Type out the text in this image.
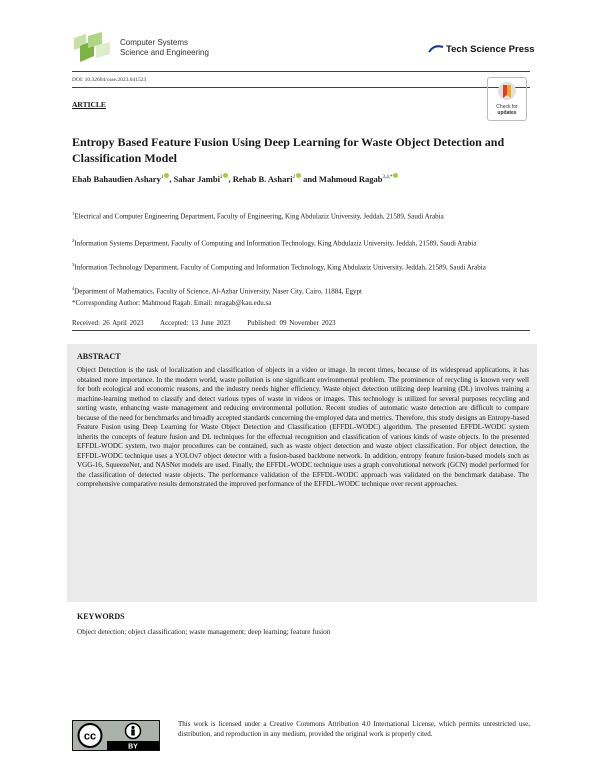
Computer Systems
Science and Engineering	Tech Science Press
DOI: 10.32604/csse.2023.041523
ARTICLE	Check for
updates
Entropy Based Feature Fusion Using Deep Learning for Waste Object Detection and Classification Model
Ehab Bahaudien Ashary$^1$ , Sahar Jambi$^2$ , Rehab B. Ashari$^2$ and Mahmoud Ragab$^{3,4,*}$
$^1$Electrical and Computer Engineering Department, Faculty of Engineering, King Abdulaziz University, Jeddah, 21589, Saudi Arabia
$^2$Information Systems Department, Faculty of Computing and Information Technology, King Abdulaziz University, Jeddah, 21589, Saudi Arabia
$^3$Information Technology Department, Faculty of Computing and Information Technology, King Abdulaziz University, Jeddah, 21589, Saudi Arabia
$^4$Department of Mathematics, Faculty of Science, Al-Azhar University, Naser City, Cairo, 11884, Egypt
*Corresponding Author: Mahmoud Ragab. Email: mragab@kau.edu.sa
Received: 26 April 2023 Accepted: 13 June 2023 Published: 09 November 2023
ABSTRACT
Object Detection is the task of localization and classification of objects in a video or image. In recent times, because of its widespread applications, it has obtained more importance. In the modern world, waste pollution is one significant environmental problem. The prominence of recycling is known very well for both ecological and economic reasons, and the industry needs higher efficiency. Waste object detection utilizing deep learning (DL) involves training a machine-learning method to classify and detect various types of waste in videos or images. This technology is utilized for several purposes recycling and sorting waste, enhancing waste management and reducing environmental pollution. Recent studies of automatic waste detection are difficult to compare because of the need for benchmarks and broadly accepted standards concerning the employed data and metrics. Therefore, this study designs an Entropy-based Feature Fusion using Deep Learning for Waste Object Detection and Classification (EFFDL-WODC) algorithm. The presented EFFDL-WODC system inherits the concepts of feature fusion and DL techniques for the effectual recognition and classification of various kinds of waste objects. In the presented EFFDL-WODC system, two major procedures can be contained, such as waste object detection and waste object classification. For object detection, the EFFDL-WODC technique uses a YOLOv7 object detector with a fusion-based backbone network. In addition, entropy feature fusion-based models such as VGG-16, SqueezeNet, and NASNet models are used. Finally, the EFFDL-WODC technique uses a graph convolutional network (GCN) model performed for the classification of detected waste objects. The performance validation of the EFFDL-WODC approach was validated on the benchmark database. The comprehensive comparative results demonstrated the improved performance of the EFFDL-WODC technique over recent approaches.
KEYWORDS
Object detection; object classification; waste management; deep learning; feature fusion
cc
BY
This work is licensed under a Creative Commons Attribution 4.0 International License, which permits unrestricted use, distribution, and reproduction in any medium, provided the original work is properly cited.
